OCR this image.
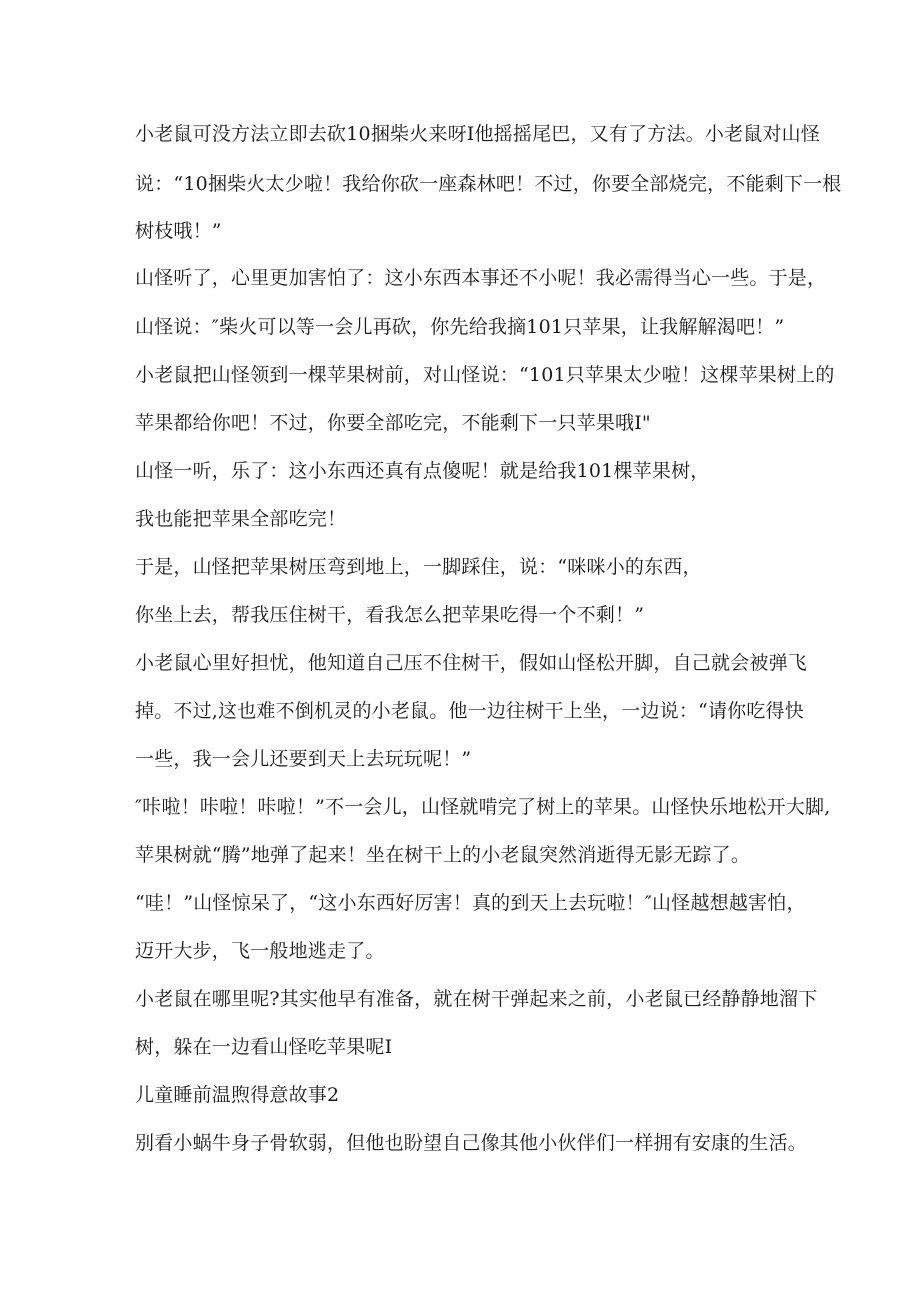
小老鼠可没方法立即去砍10捆柴火来呀I他摇摇尾巴，又有了方法。小老鼠对山怪
说：“10捆柴火太少啦！我给你砍一座森林吧！不过，你要全部烧完，不能剩下一根
树枝哦！”
山怪听了，心里更加害怕了：这小东西本事还不小呢！我必需得当心一些。于是，
山怪说：″柴火可以等一会儿再砍，你先给我摘101只苹果，让我解解渴吧！”
小老鼠把山怪领到一棵苹果树前，对山怪说：“101只苹果太少啦！这棵苹果树上的
苹果都给你吧！不过，你要全部吃完，不能剩下一只苹果哦I"
山怪一听，乐了：这小东西还真有点傻呢！就是给我101棵苹果树，
我也能把苹果全部吃完！
于是，山怪把苹果树压弯到地上，一脚踩住，说：“咪咪小的东西，
你坐上去，帮我压住树干，看我怎么把苹果吃得一个不剩！”
小老鼠心里好担忧，他知道自己压不住树干，假如山怪松开脚，自己就会被弹飞
掉。不过,这也难不倒机灵的小老鼠。他一边往树干上坐，一边说：“请你吃得快
一些，我一会儿还要到天上去玩玩呢！”
″咔啦！咔啦！咔啦！”不一会儿，山怪就啃完了树上的苹果。山怪快乐地松开大脚,
苹果树就“腾”地弹了起来！坐在树干上的小老鼠突然消逝得无影无踪了。
“哇！”山怪惊呆了，“这小东西好厉害！真的到天上去玩啦！″山怪越想越害怕，
迈开大步，飞一般地逃走了。
小老鼠在哪里呢?其实他早有准备，就在树干弹起来之前，小老鼠已经静静地溜下
树，躲在一边看山怪吃苹果呢I
儿童睡前温煦得意故事2
别看小蜗牛身子骨软弱，但他也盼望自己像其他小伙伴们一样拥有安康的生活。
